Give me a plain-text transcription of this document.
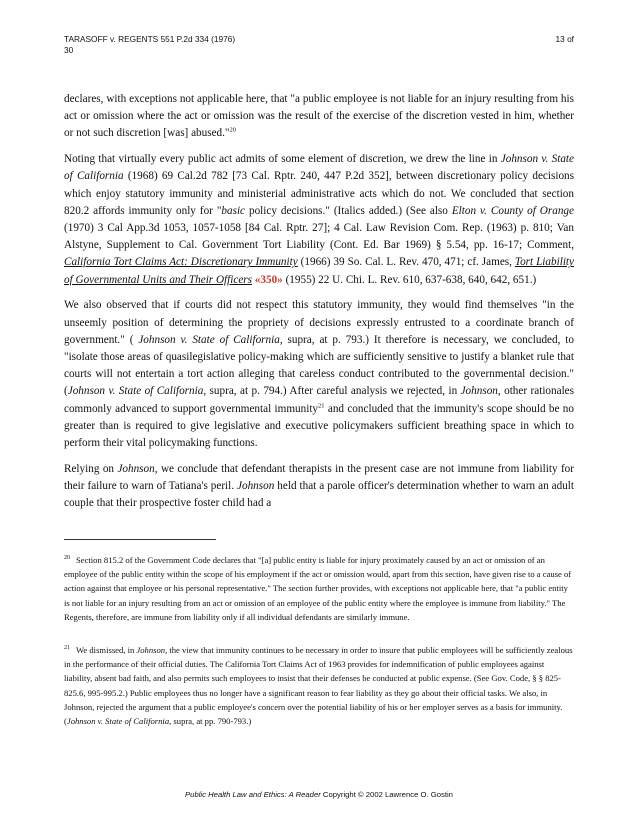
TARASOFF v. REGENTS 551 P.2d 334 (1976)	13 of
30

declares, with exceptions not applicable here, that "a public employee is not liable for an injury resulting from his act or omission where the act or omission was the result of the exercise of the discretion vested in him, whether or not such discretion [was] abused."$^{20}$

Noting that virtually every public act admits of some element of discretion, we drew the line in Johnson v. State of California (1968) 69 Cal.2d 782 [73 Cal. Rptr. 240, 447 P.2d 352], between discretionary policy decisions which enjoy statutory immunity and ministerial administrative acts which do not. We concluded that section 820.2 affords immunity only for "basic policy decisions." (Italics added.) (See also Elton v. County of Orange (1970) 3 Cal App.3d 1053, 1057-1058 [84 Cal. Rptr. 27]; 4 Cal. Law Revision Com. Rep. (1963) p. 810; Van Alstyne, Supplement to Cal. Government Tort Liability (Cont. Ed. Bar 1969) § 5.54, pp. 16-17; Comment, California Tort Claims Act: Discretionary Immunity (1966) 39 So. Cal. L. Rev. 470, 471; cf. James, Tort Liability of Governmental Units and Their Officers «350» (1955) 22 U. Chi. L. Rev. 610, 637-638, 640, 642, 651.)

We also observed that if courts did not respect this statutory immunity, they would find themselves "in the unseemly position of determining the propriety of decisions expressly entrusted to a coordinate branch of government." ( Johnson v. State of California, supra, at p. 793.) It therefore is necessary, we concluded, to "isolate those areas of quasilegislative policy-making which are sufficiently sensitive to justify a blanket rule that courts will not entertain a tort action alleging that careless conduct contributed to the governmental decision." (Johnson v. State of California, supra, at p. 794.) After careful analysis we rejected, in Johnson, other rationales commonly advanced to support governmental immunity$^{21}$ and concluded that the immunity's scope should be no greater than is required to give legislative and executive policymakers sufficient breathing space in which to perform their vital policymaking functions.

Relying on Johnson, we conclude that defendant therapists in the present case are not immune from liability for their failure to warn of Tatiana's peril. Johnson held that a parole officer's determination whether to warn an adult couple that their prospective foster child had a

$^{20}$ Section 815.2 of the Government Code declares that "[a] public entity is liable for injury proximately caused by an act or omission of an employee of the public entity within the scope of his employment if the act or omission would, apart from this section, have given rise to a cause of action against that employee or his personal representative." The section further provides, with exceptions not applicable here, that "a public entity is not liable for an injury resulting from an act or omission of an employee of the public entity where the employee is immune from liability." The Regents, therefore, are immune from liability only if all individual defendants are similarly immune.
$^{21}$ We dismissed, in Johnson, the view that immunity continues to be necessary in order to insure that public employees will be sufficiently zealous in the performance of their official duties. The California Tort Claims Act of 1963 provides for indemnification of public employees against liability, absent bad faith, and also permits such employees to insist that their defenses be conducted at public expense. (See Gov. Code, § § 825- 825.6, 995-995.2.) Public employees thus no longer have a significant reason to fear liability as they go about their official tasks. We also, in Johnson, rejected the argument that a public employee's concern over the potential liability of his or her employer serves as a basis for immunity. (Johnson v. State of California, supra, at pp. 790-793.)
Public Health Law and Ethics: A Reader Copyright © 2002 Lawrence O. Gostin
